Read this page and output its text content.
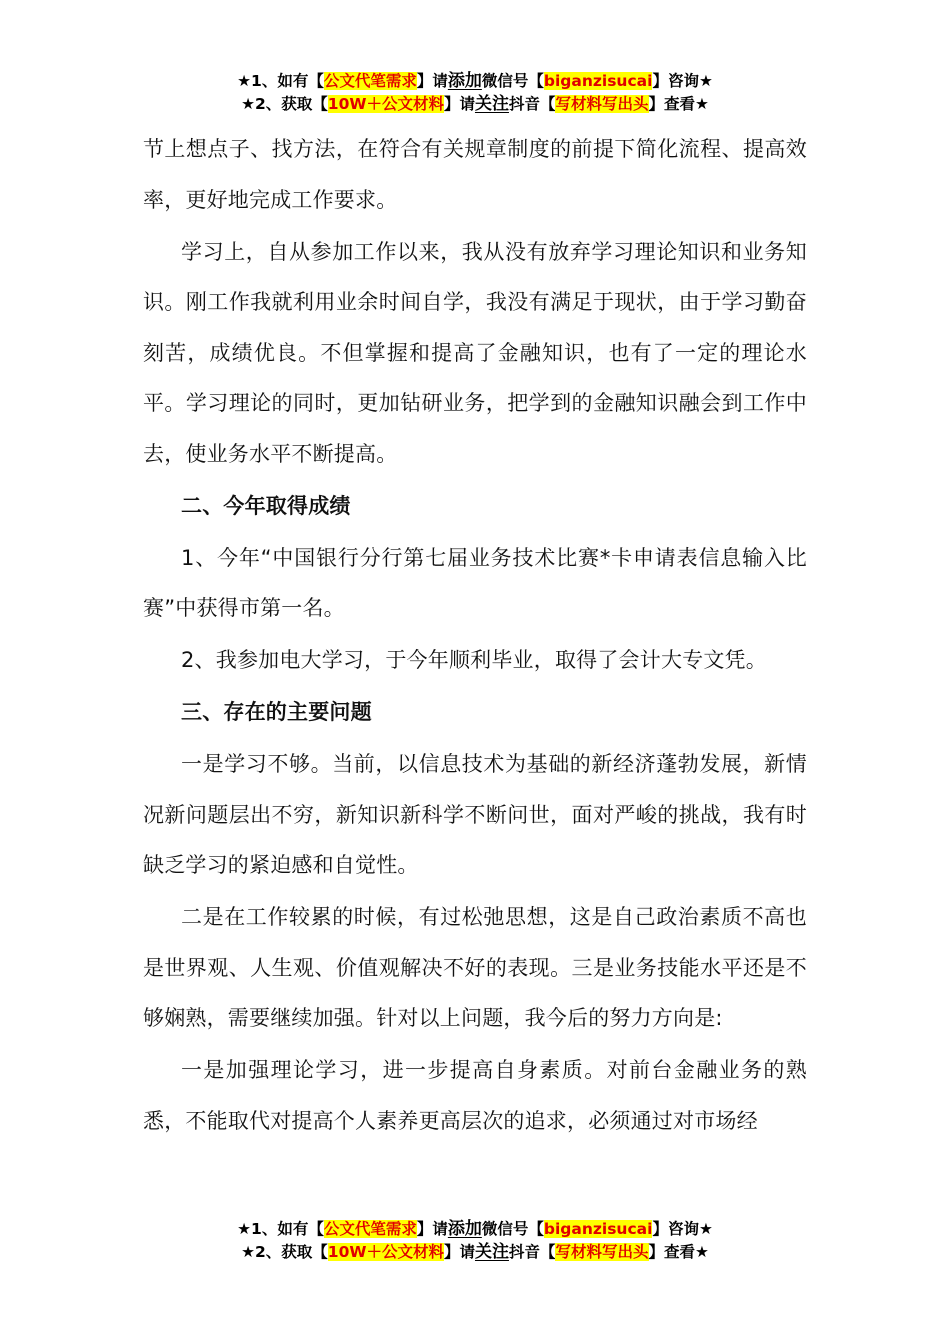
★1、如有【公文代笔需求】请添加微信号【biganzisucai】咨询★
★2、获取【10W＋公文材料】请关注抖音【写材料写出头】查看★

节上想点子、找方法，在符合有关规章制度的前提下简化流程、提高效率，更好地完成工作要求。

学习上，自从参加工作以来，我从没有放弃学习理论知识和业务知识。刚工作我就利用业余时间自学，我没有满足于现状，由于学习勤奋刻苦，成绩优良。不但掌握和提高了金融知识，也有了一定的理论水平。学习理论的同时，更加钻研业务，把学到的金融知识融会到工作中去，使业务水平不断提高。

二、今年取得成绩

1、今年“中国银行分行第七届业务技术比赛*卡申请表信息输入比赛”中获得市第一名。

2、我参加电大学习，于今年顺利毕业，取得了会计大专文凭。

三、存在的主要问题

一是学习不够。当前，以信息技术为基础的新经济蓬勃发展，新情况新问题层出不穷，新知识新科学不断问世，面对严峻的挑战，我有时缺乏学习的紧迫感和自觉性。

二是在工作较累的时候，有过松弛思想，这是自己政治素质不高也是世界观、人生观、价值观解决不好的表现。三是业务技能水平还是不够娴熟，需要继续加强。针对以上问题，我今后的努力方向是:

一是加强理论学习，进一步提高自身素质。对前台金融业务的熟悉，不能取代对提高个人素养更高层次的追求，必须通过对市场经

★1、如有【公文代笔需求】请添加微信号【biganzisucai】咨询★
★2、获取【10W＋公文材料】请关注抖音【写材料写出头】查看★
